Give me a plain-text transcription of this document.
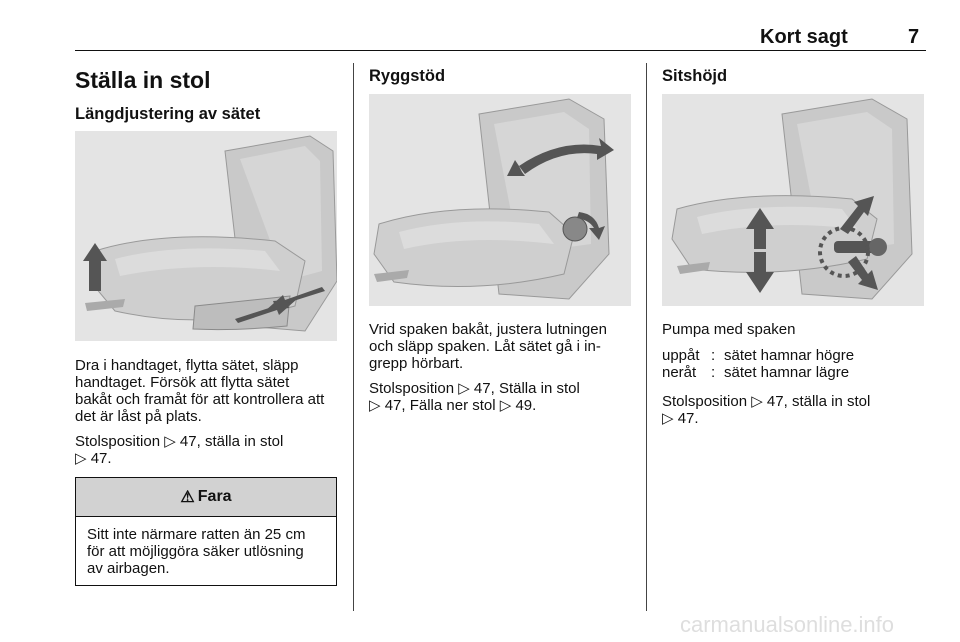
Kort sagt	7
Ställa in stol
Längdjustering av sätet
Dra i handtaget, flytta sätet, släpp
handtaget. Försök att flytta sätet
bakåt och framåt för att kontrollera att
det är låst på plats.
Stolsposition ▷ 47, ställa in stol
▷ 47.
⚠ Fara
Sitt inte närmare ratten än 25 cm
för att möjliggöra säker utlösning
av airbagen.
Ryggstöd
Vrid spaken bakåt, justera lutningen
och släpp spaken. Låt sätet gå i in-
grepp hörbart.
Stolsposition ▷ 47, Ställa in stol
▷ 47, Fälla ner stol ▷ 49.
Sitshöjd
Pumpa med spaken
uppåt : sätet hamnar högre
neråt : sätet hamnar lägre
Stolsposition ▷ 47, ställa in stol
▷ 47.
carmanualsonline.info
